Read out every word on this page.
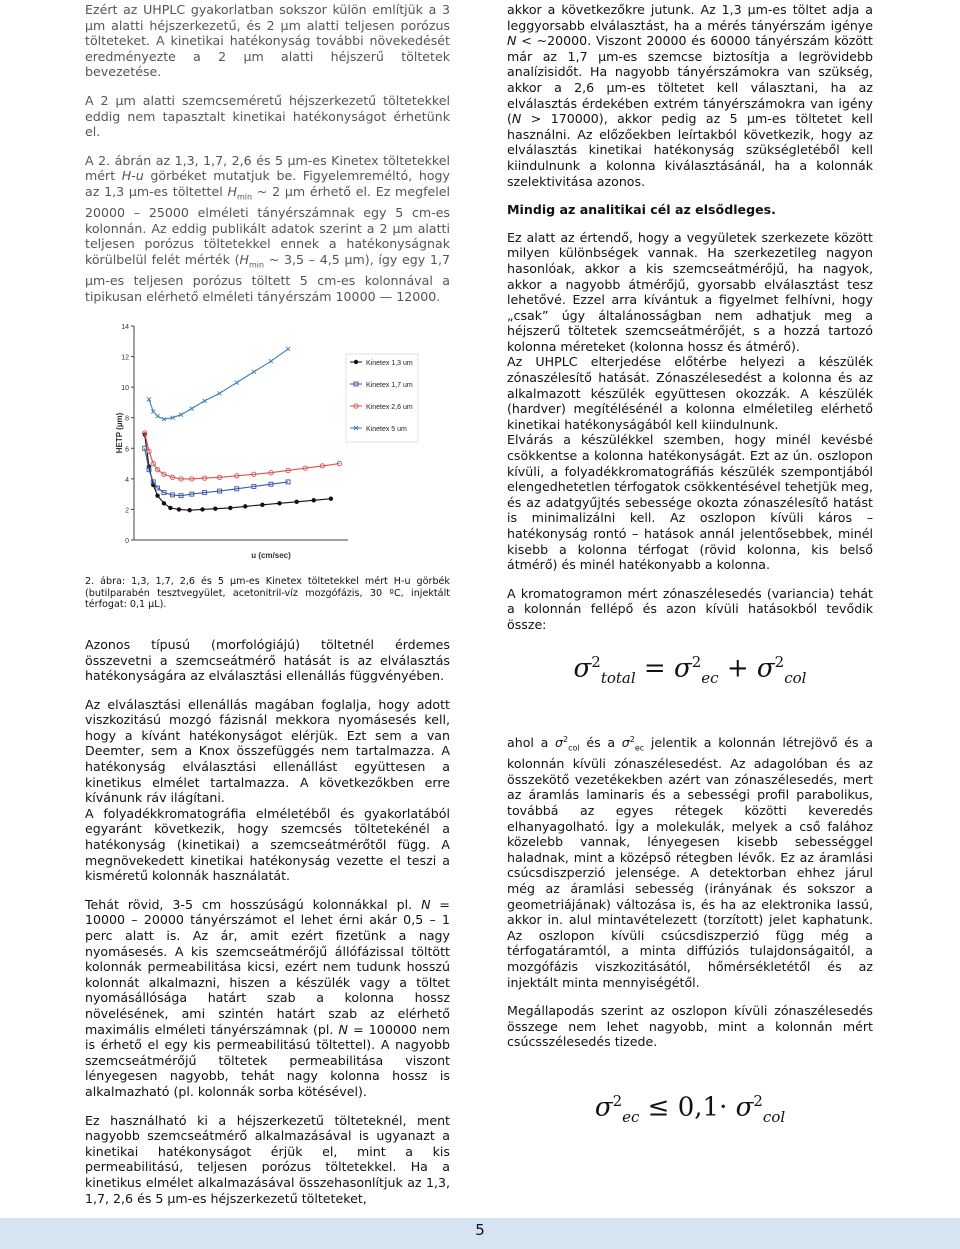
Ezért az UHPLC gyakorlatban sokszor külön említjük a 3 µm alatti héjszerkezetű, és 2 µm alatti teljesen porózus tölteteket. A kinetikai hatékonyság további növekedését eredményezte a 2 µm alatti héjszerű töltetek bevezetése.

A 2 µm alatti szemcseméretű héjszerkezetű töltetekkel eddig nem tapasztalt kinetikai hatékonyságot érhetünk el.

A 2. ábrán az 1,3, 1,7, 2,6 és 5 µm-es Kinetex töltetekkel mért H-u görbéket mutatjuk be. Figyelemreméltó, hogy az 1,3 µm-es töltettel $H_{min}$ ~ 2 µm érhető el. Ez megfelel 20000 – 25000 elméleti tányérszámnak egy 5 cm-es kolonnán. Az eddig publikált adatok szerint a 2 µm alatti teljesen porózus töltetekkel ennek a hatékonyságnak körülbelül felét mérték ($H_{min}$ ~ 3,5 – 4,5 µm), így egy 1,7 µm-es teljesen porózus töltett 5 cm-es kolonnával a tipikusan elérhető elméleti tányérszám 10000 — 12000.

0
2
4
6
8
10
12
14
HETP (µm)
u (cm/sec)
Kinetex 1,3 um
Kinetex 1,7 um
Kinetex 2,6 um
Kinetex 5 um

2. ábra: 1,3, 1,7, 2,6 és 5 µm-es Kinetex töltetekkel mért H-u görbék (butilparabén tesztvegyület, acetonitril-víz mozgófázis, 30 ºC, injektált térfogat: 0,1 µL).

Azonos típusú (morfológiájú) töltetnél érdemes összevetni a szemcseátmérő hatását is az elválasztás hatékonyságára az elválasztási ellenállás függvényében.

Az elválasztási ellenállás magában foglalja, hogy adott viszkozitású mozgó fázisnál mekkora nyomásesés kell, hogy a kívánt hatékonyságot elérjük. Ezt sem a van Deemter, sem a Knox összefüggés nem tartalmazza. A hatékonyság elválasztási ellenállást együttesen a kinetikus elmélet tartalmazza. A következőkben erre kívánunk ráv ilágítani.

A folyadékkromatográfia elméletéből és gyakorlatából egyaránt következik, hogy szemcsés töltetekénél a hatékonyság (kinetikai) a szemcseátmérőtől függ. A megnövekedett kinetikai hatékonyság vezette el teszi a kisméretű kolonnák használatát.

Tehát rövid, 3-5 cm hosszúságú kolonnákkal pl. N = 10000 – 20000 tányérszámot el lehet érni akár 0,5 – 1 perc alatt is. Az ár, amit ezért fizetünk a nagy nyomásesés. A kis szemcseátmérőjű állófázissal töltött kolonnák permeabilitása kicsi, ezért nem tudunk hosszú kolonnát alkalmazni, hiszen a készülék vagy a töltet nyomásállósága határt szab a kolonna hossz növelésének, ami szintén határt szab az elérhető maximális elméleti tányérszámnak (pl. N = 100000 nem is érhető el egy kis permeabilitású töltettel). A nagyobb szemcseátmérőjű töltetek permeabilitása viszont lényegesen nagyobb, tehát nagy kolonna hossz is alkalmazható (pl. kolonnák sorba kötésével).

Ez használható ki a héjszerkezetű tölteteknél, ment nagyobb szemcseátmérő alkalmazásával is ugyanazt a kinetikai hatékonyságot érjük el, mint a kis permeabilitású, teljesen porózus töltetekkel. Ha a kinetikus elmélet alkalmazásával összehasonlítjuk az 1,3, 1,7, 2,6 és 5 µm-es héjszerkezetű tölteteket,

akkor a következőkre jutunk. Az 1,3 µm-es töltet adja a leggyorsabb elválasztást, ha a mérés tányérszám igénye N < ~20000. Viszont 20000 és 60000 tányérszám között már az 1,7 µm-es szemcse biztosítja a legrövidebb analízisidőt. Ha nagyobb tányérszámokra van szükség, akkor a 2,6 µm-es töltetet kell választani, ha az elválasztás érdekében extrém tányérszámokra van igény (N > 170000), akkor pedig az 5 µm-es töltetet kell használni. Az előzőekben leírtakból következik, hogy az elválasztás kinetikai hatékonyság szükségletéből kell kiindulnunk a kolonna kiválasztásánál, ha a kolonnák szelektivitása azonos.

Mindig az analitikai cél az elsődleges.

Ez alatt az értendő, hogy a vegyületek szerkezete között milyen különbségek vannak. Ha szerkezetileg nagyon hasonlóak, akkor a kis szemcseátmérőjű, ha nagyok, akkor a nagyobb átmérőjű, gyorsabb elválasztást tesz lehetővé. Ezzel arra kívántuk a figyelmet felhívni, hogy „csak” úgy általánosságban nem adhatjuk meg a héjszerű töltetek szemcseátmérőjét, s a hozzá tartozó kolonna méreteket (kolonna hossz és átmérő).

Az UHPLC elterjedése előtérbe helyezi a készülék zónaszélesítő hatását. Zónaszélesedést a kolonna és az alkalmazott készülék együttesen okozzák. A készülék (hardver) megítélésénél a kolonna elméletileg elérhető kinetikai hatékonyságából kell kiindulnunk.

Elvárás a készülékkel szemben, hogy minél kevésbé csökkentse a kolonna hatékonyságát. Ezt az ún. oszlopon kívüli, a folyadékkromatográfiás készülék szempontjából elengedhetetlen térfogatok csökkentésével tehetjük meg, és az adatgyűjtés sebessége okozta zónaszélesítő hatást is minimalizálni kell. Az oszlopon kívüli káros – hatékonyság rontó – hatások annál jelentősebbek, minél kisebb a kolonna térfogat (rövid kolonna, kis belső átmérő) és minél hatékonyabb a kolonna.

A kromatogramon mért zónaszélesedés (variancia) tehát a kolonnán fellépő és azon kívüli hatásokból tevődik össze:

$\sigma^2_{total} = \sigma^2_{ec} + \sigma^2_{col}$

ahol a $\sigma^2_{col}$ és a $\sigma^2_{ec}$ jelentik a kolonnán létrejövő és a kolonnán kívüli zónaszélesedést. Az adagolóban és az összekötő vezetékekben azért van zónaszélesedés, mert az áramlás laminaris és a sebességi profil parabolikus, továbbá az egyes rétegek közötti keveredés elhanyagolható. Így a molekulák, melyek a cső falához közelebb vannak, lényegesen kisebb sebességgel haladnak, mint a középső rétegben lévők. Ez az áramlási csúcsdiszperzió jelensége. A detektorban ehhez járul még az áramlási sebesség (irányának és sokszor a geometriájának) változása is, és ha az elektronika lassú, akkor in. alul mintavételezett (torzított) jelet kaphatunk. Az oszlopon kívüli csúcsdiszperzió függ még a térfogatáramtól, a minta diffúziós tulajdonságaitól, a mozgófázis viszkozitásától, hőmérsékletétől és az injektált minta mennyiségétől.

Megállapodás szerint az oszlopon kívüli zónaszélesedés összege nem lehet nagyobb, mint a kolonnán mért csúcsszélesedés tizede.

$\sigma^2_{ec} \le 0,1\cdot \sigma^2_{col}$
5
